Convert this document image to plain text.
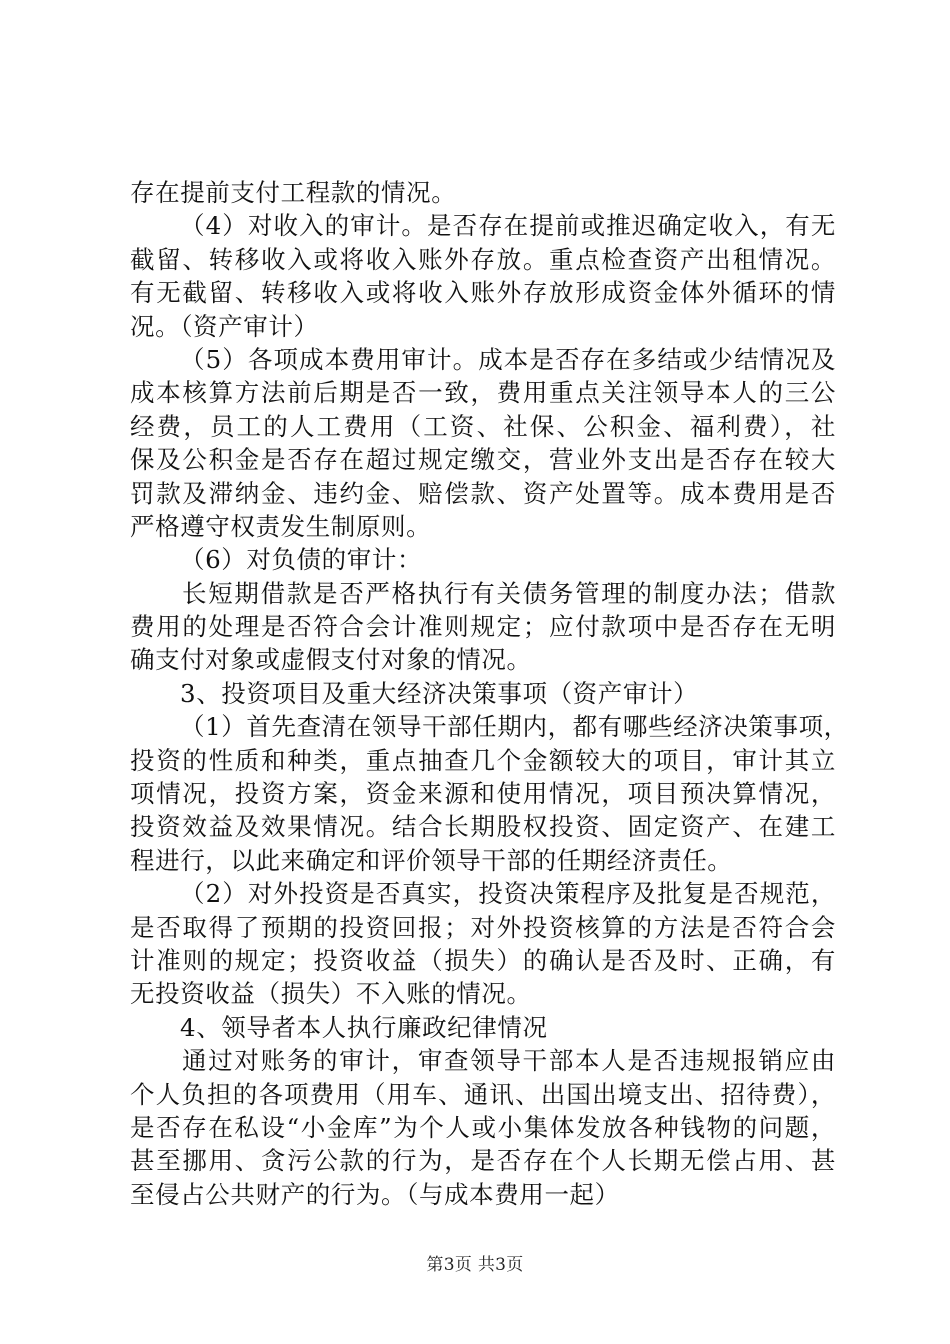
存在提前支付工程款的情况。
（4）对收入的审计。是否存在提前或推迟确定收入，有无
截留、转移收入或将收入账外存放。重点检查资产出租情况。
有无截留、转移收入或将收入账外存放形成资金体外循环的情
况。（资产审计）
（5）各项成本费用审计。成本是否存在多结或少结情况及
成本核算方法前后期是否一致，费用重点关注领导本人的三公
经费，员工的人工费用（工资、社保、公积金、福利费），社
保及公积金是否存在超过规定缴交，营业外支出是否存在较大
罚款及滞纳金、违约金、赔偿款、资产处置等。成本费用是否
严格遵守权责发生制原则。
（6）对负债的审计：
长短期借款是否严格执行有关债务管理的制度办法；借款
费用的处理是否符合会计准则规定；应付款项中是否存在无明
确支付对象或虚假支付对象的情况。
3、投资项目及重大经济决策事项（资产审计）
（1）首先查清在领导干部任期内，都有哪些经济决策事项，
投资的性质和种类，重点抽查几个金额较大的项目，审计其立
项情况，投资方案，资金来源和使用情况，项目预决算情况，
投资效益及效果情况。结合长期股权投资、固定资产、在建工
程进行，以此来确定和评价领导干部的任期经济责任。
（2）对外投资是否真实，投资决策程序及批复是否规范，
是否取得了预期的投资回报；对外投资核算的方法是否符合会
计准则的规定；投资收益（损失）的确认是否及时、正确，有
无投资收益（损失）不入账的情况。
4、领导者本人执行廉政纪律情况
通过对账务的审计，审查领导干部本人是否违规报销应由
个人负担的各项费用（用车、通讯、出国出境支出、招待费），
是否存在私设“小金库”为个人或小集体发放各种钱物的问题，
甚至挪用、贪污公款的行为，是否存在个人长期无偿占用、甚
至侵占公共财产的行为。（与成本费用一起）
第3页 共3页
